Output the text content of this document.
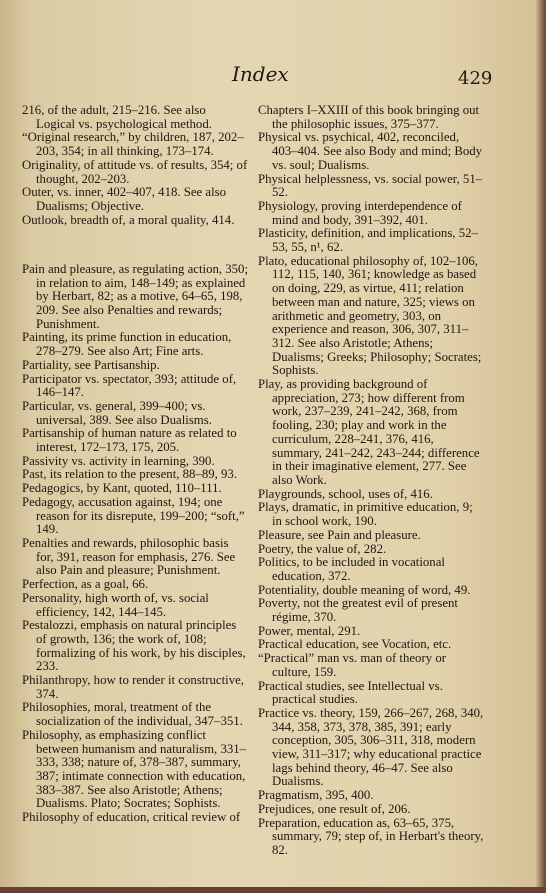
Index	429

216, of the adult, 215–216. See also Logical vs. psychological method.

“Original research,” by children, 187, 202–203, 354; in all thinking, 173–174.

Originality, of attitude vs. of results, 354; of thought, 202–203.

Outer, vs. inner, 402–407, 418. See also Dualisms; Objective.

Outlook, breadth of, a moral quality, 414.

Pain and pleasure, as regulating action, 350; in relation to aim, 148–149; as explained by Herbart, 82; as a motive, 64–65, 198, 209. See also Penalties and rewards; Punishment.

Painting, its prime function in education, 278–279. See also Art; Fine arts.

Partiality, see Partisanship.

Participator vs. spectator, 393; attitude of, 146–147.

Particular, vs. general, 399–400; vs. universal, 389. See also Dualisms.

Partisanship of human nature as related to interest, 172–173, 175, 205.

Passivity vs. activity in learning, 390.

Past, its relation to the present, 88–89, 93.

Pedagogics, by Kant, quoted, 110–111.

Pedagogy, accusation against, 194; one reason for its disrepute, 199–200; “soft,” 149.

Penalties and rewards, philosophic basis for, 391, reason for emphasis, 276. See also Pain and pleasure; Punishment.

Perfection, as a goal, 66.

Personality, high worth of, vs. social efficiency, 142, 144–145.

Pestalozzi, emphasis on natural principles of growth, 136; the work of, 108; formalizing of his work, by his disciples, 233.

Philanthropy, how to render it constructive, 374.

Philosophies, moral, treatment of the socialization of the individual, 347–351.

Philosophy, as emphasizing conflict between humanism and naturalism, 331–333, 338; nature of, 378–387, summary, 387; intimate connection with education, 383–387. See also Aristotle; Athens; Dualisms. Plato; Socrates; Sophists.

Philosophy of education, critical review of

Chapters I–XXIII of this book bringing out the philosophic issues, 375–377.

Physical vs. psychical, 402, reconciled, 403–404. See also Body and mind; Body vs. soul; Dualisms.

Physical helplessness, vs. social power, 51–52.

Physiology, proving interdependence of mind and body, 391–392, 401.

Plasticity, definition, and implications, 52–53, 55, n¹, 62.

Plato, educational philosophy of, 102–106, 112, 115, 140, 361; knowledge as based on doing, 229, as virtue, 411; relation between man and nature, 325; views on arithmetic and geometry, 303, on experience and reason, 306, 307, 311–312. See also Aristotle; Athens; Dualisms; Greeks; Philosophy; Socrates; Sophists.

Play, as providing background of appreciation, 273; how different from work, 237–239, 241–242, 368, from fooling, 230; play and work in the curriculum, 228–241, 376, 416, summary, 241–242, 243–244; difference in their imaginative element, 277. See also Work.

Playgrounds, school, uses of, 416.

Plays, dramatic, in primitive education, 9; in school work, 190.

Pleasure, see Pain and pleasure.

Poetry, the value of, 282.

Politics, to be included in vocational education, 372.

Potentiality, double meaning of word, 49.

Poverty, not the greatest evil of present régime, 370.

Power, mental, 291.

Practical education, see Vocation, etc.

“Practical” man vs. man of theory or culture, 159.

Practical studies, see Intellectual vs. practical studies.

Practice vs. theory, 159, 266–267, 268, 340, 344, 358, 373, 378, 385, 391; early conception, 305, 306–311, 318, modern view, 311–317; why educational practice lags behind theory, 46–47. See also Dualisms.

Pragmatism, 395, 400.

Prejudices, one result of, 206.

Preparation, education as, 63–65, 375, summary, 79; step of, in Herbart's theory, 82.
